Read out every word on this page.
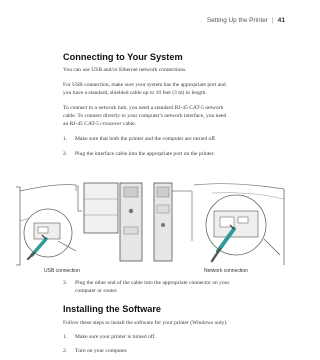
Setting Up the Printer | 41
Connecting to Your System

You can use USB and/or Ethernet network connections.

For USB connection, make sure your system has the appropriate port and

you have a standard, shielded cable up to 10 feet (3 m) in length.

To connect to a network hub, you need a standard RJ-45 CAT-5 network

cable. To connect directly to your computer's network interface, you need

an RJ-45 CAT-5 crossover cable.

1. Make sure that both the printer and the computer are turned off.
2. Plug the interface cable into the appropriate port on the printer.
USB connection	Network connection
3. Plug the other end of the cable into the appropriate connector on your
computer or router.
Installing the Software

Follow these steps to install the software for your printer (Windows only).

1. Make sure your printer is turned off.
2. Turn on your computer.
